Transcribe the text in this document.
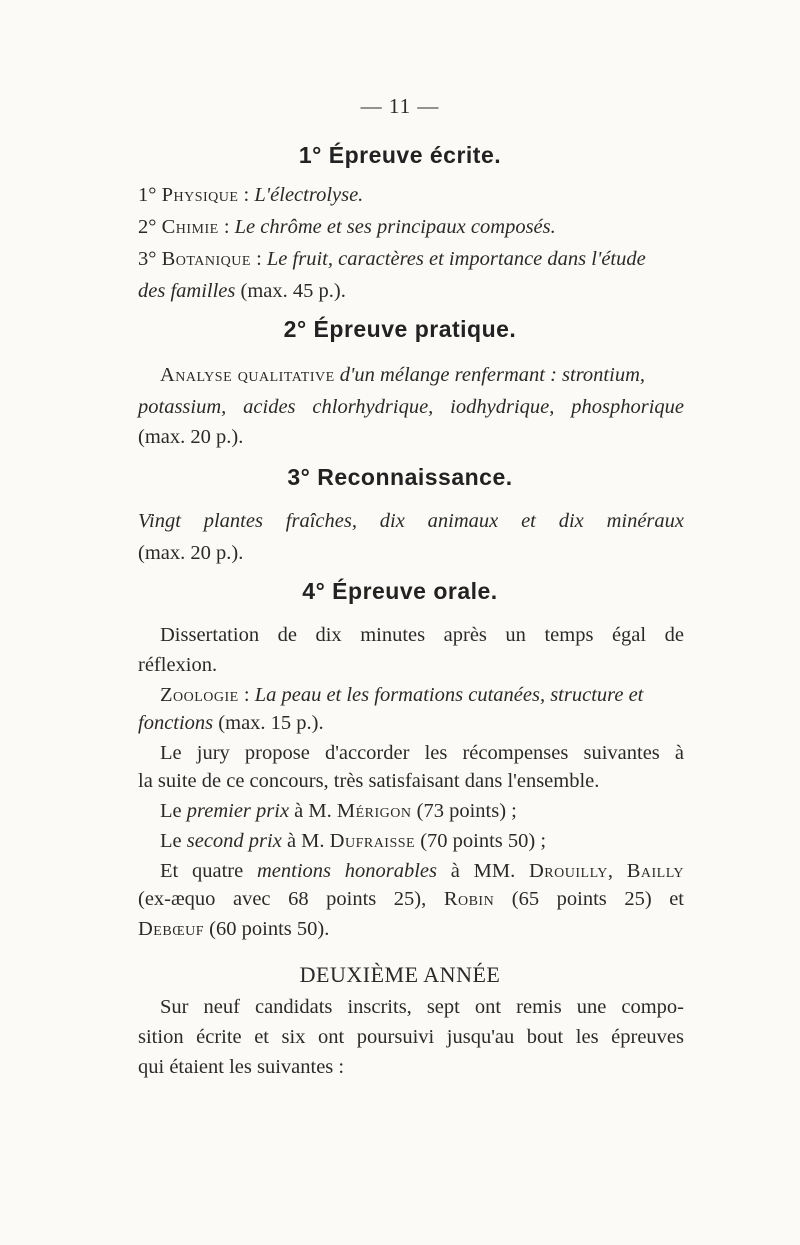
— 11 —
1° Épreuve écrite.
1° Physique : L'électrolyse.
2° Chimie : Le chrôme et ses principaux composés.
3° Botanique : Le fruit, caractères et importance dans l'étude
des familles (max. 45 p.).
2° Épreuve pratique.
Analyse qualitative d'un mélange renfermant : strontium,
potassium, acides chlorhydrique, iodhydrique, phosphorique
(max. 20 p.).
3° Reconnaissance.
Vingt plantes fraîches, dix animaux et dix minéraux
(max. 20 p.).
4° Épreuve orale.
Dissertation de dix minutes après un temps égal de
réflexion.
Zoologie : La peau et les formations cutanées, structure et
fonctions (max. 15 p.).
Le jury propose d'accorder les récompenses suivantes à
la suite de ce concours, très satisfaisant dans l'ensemble.
Le premier prix à M. Mérigon (73 points) ;
Le second prix à M. Dufraisse (70 points 50) ;
Et quatre mentions honorables à MM. Drouilly, Bailly
(ex-æquo avec 68 points 25), Robin (65 points 25) et
Debœuf (60 points 50).
DEUXIÈME ANNÉE
Sur neuf candidats inscrits, sept ont remis une compo-
sition écrite et six ont poursuivi jusqu'au bout les épreuves
qui étaient les suivantes :
